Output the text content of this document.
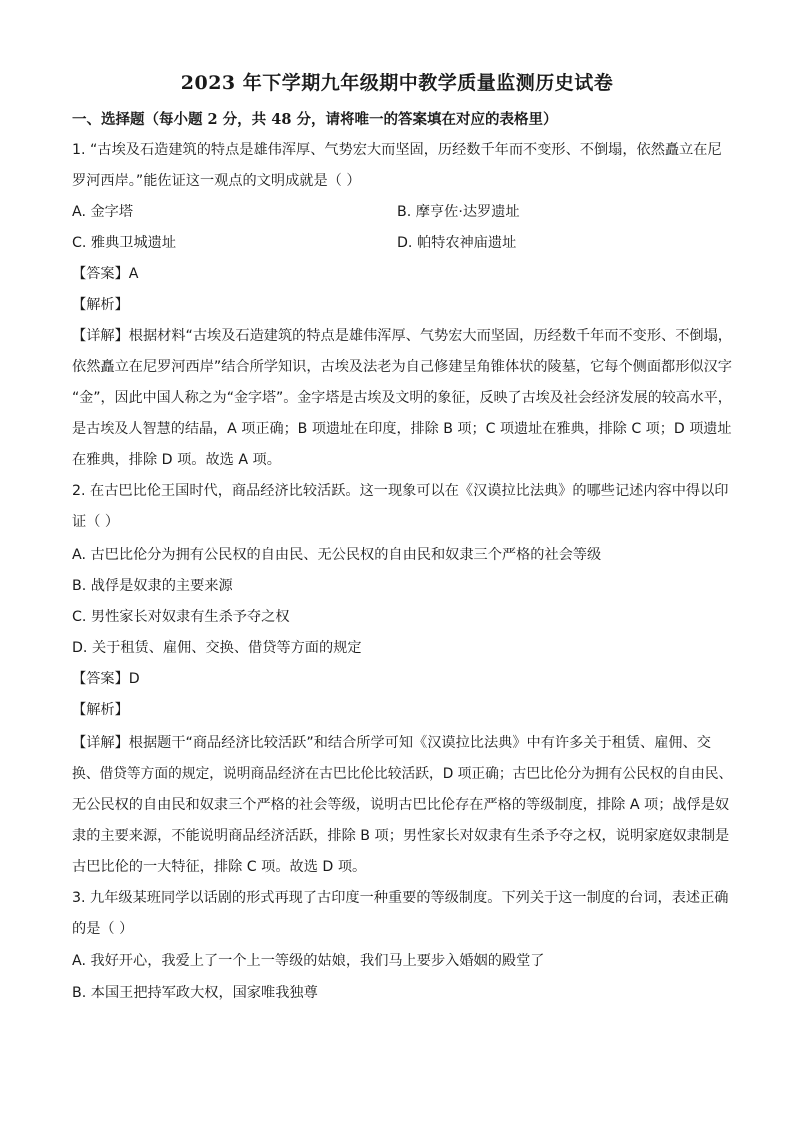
2023 年下学期九年级期中教学质量监测历史试卷
一、选择题（每小题 2 分，共 48 分，请将唯一的答案填在对应的表格里）
1. “古埃及石造建筑的特点是雄伟浑厚、气势宏大而坚固，历经数千年而不变形、不倒塌，依然矗立在尼
罗河西岸。”能佐证这一观点的文明成就是（ ）
A. 金字塔	B. 摩亨佐·达罗遗址
C. 雅典卫城遗址	D. 帕特农神庙遗址
【答案】A
【解析】
【详解】根据材料“古埃及石造建筑的特点是雄伟浑厚、气势宏大而坚固，历经数千年而不变形、不倒塌，
依然矗立在尼罗河西岸”结合所学知识，古埃及法老为自己修建呈角锥体状的陵墓，它每个侧面都形似汉字
“金”，因此中国人称之为“金字塔”。金字塔是古埃及文明的象征，反映了古埃及社会经济发展的较高水平，
是古埃及人智慧的结晶，A 项正确；B 项遗址在印度，排除 B 项；C 项遗址在雅典，排除 C 项；D 项遗址
在雅典，排除 D 项。故选 A 项。
2. 在古巴比伦王国时代，商品经济比较活跃。这一现象可以在《汉谟拉比法典》的哪些记述内容中得以印
证（ ）
A. 古巴比伦分为拥有公民权的自由民、无公民权的自由民和奴隶三个严格的社会等级
B. 战俘是奴隶的主要来源
C. 男性家长对奴隶有生杀予夺之权
D. 关于租赁、雇佣、交换、借贷等方面的规定
【答案】D
【解析】
【详解】根据题干“商品经济比较活跃”和结合所学可知《汉谟拉比法典》中有许多关于租赁、雇佣、交
换、借贷等方面的规定，说明商品经济在古巴比伦比较活跃，D 项正确；古巴比伦分为拥有公民权的自由民、
无公民权的自由民和奴隶三个严格的社会等级，说明古巴比伦存在严格的等级制度，排除 A 项；战俘是奴
隶的主要来源，不能说明商品经济活跃，排除 B 项；男性家长对奴隶有生杀予夺之权，说明家庭奴隶制是
古巴比伦的一大特征，排除 C 项。故选 D 项。
3. 九年级某班同学以话剧的形式再现了古印度一种重要的等级制度。下列关于这一制度的台词，表述正确
的是（ ）
A. 我好开心，我爱上了一个上一等级的姑娘，我们马上要步入婚姻的殿堂了
B. 本国王把持军政大权，国家唯我独尊
